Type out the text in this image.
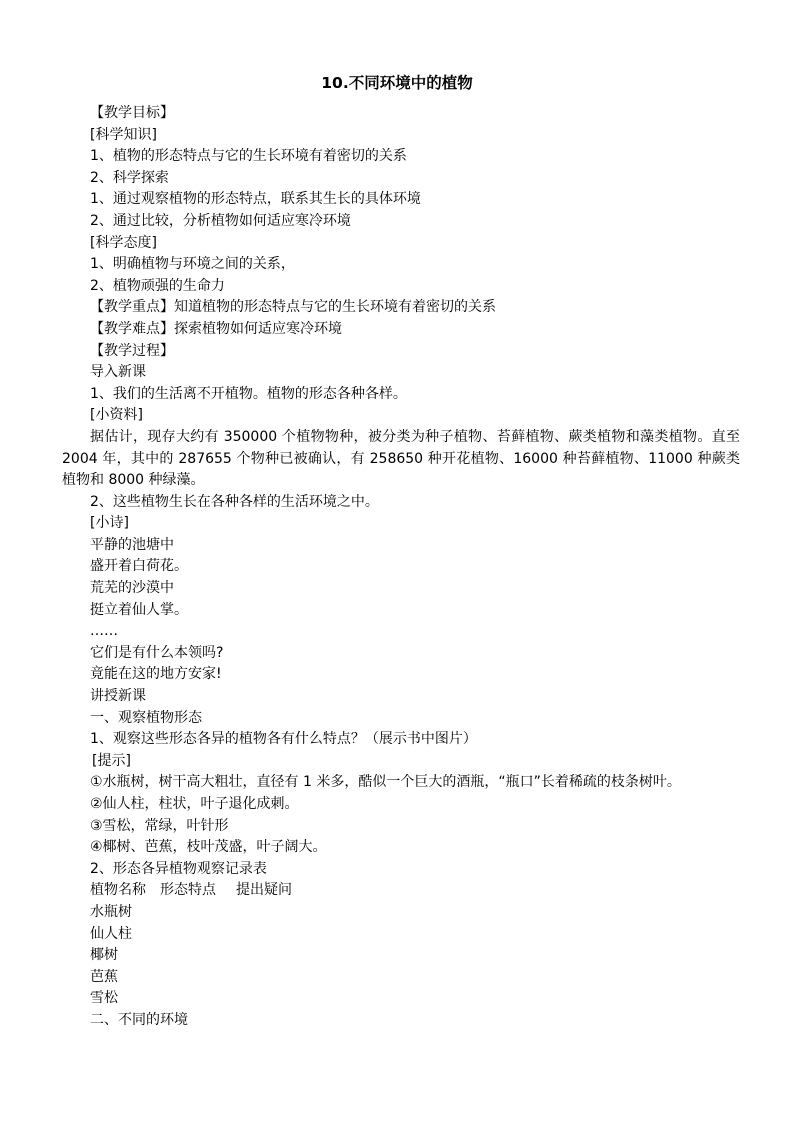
10.不同环境中的植物
【教学目标】
[科学知识]
1、植物的形态特点与它的生长环境有着密切的关系
2、科学探索
1、通过观察植物的形态特点，联系其生长的具体环境
2、通过比较，分析植物如何适应寒冷环境
[科学态度]
1、明确植物与环境之间的关系，
2、植物顽强的生命力
【教学重点】知道植物的形态特点与它的生长环境有着密切的关系
【教学难点】探索植物如何适应寒冷环境
【教学过程】
导入新课
1、我们的生活离不开植物。植物的形态各种各样。
[小资料]
据估计，现存大约有 350000 个植物物种，被分类为种子植物、苔藓植物、蕨类植物和藻类植物。直至 2004 年，其中的 287655 个物种已被确认，有 258650 种开花植物、16000 种苔藓植物、11000 种蕨类植物和 8000 种绿藻。
2、这些植物生长在各种各样的生活环境之中。
[小诗]
平静的池塘中
盛开着白荷花。
荒芜的沙漠中
挺立着仙人掌。
……
它们是有什么本领吗?
竟能在这的地方安家!
讲授新课
一、观察植物形态
1、观察这些形态各异的植物各有什么特点？（展示书中图片）
[提示]
①水瓶树，树干高大粗壮，直径有 1 米多，酷似一个巨大的酒瓶，“瓶口”长着稀疏的枝条树叶。
②仙人柱，柱状，叶子退化成刺。
③雪松，常绿，叶针形
④椰树、芭蕉，枝叶茂盛，叶子阔大。
2、形态各异植物观察记录表
植物名称 形态特点 提出疑问
水瓶树
仙人柱
椰树
芭蕉
雪松
二、不同的环境
